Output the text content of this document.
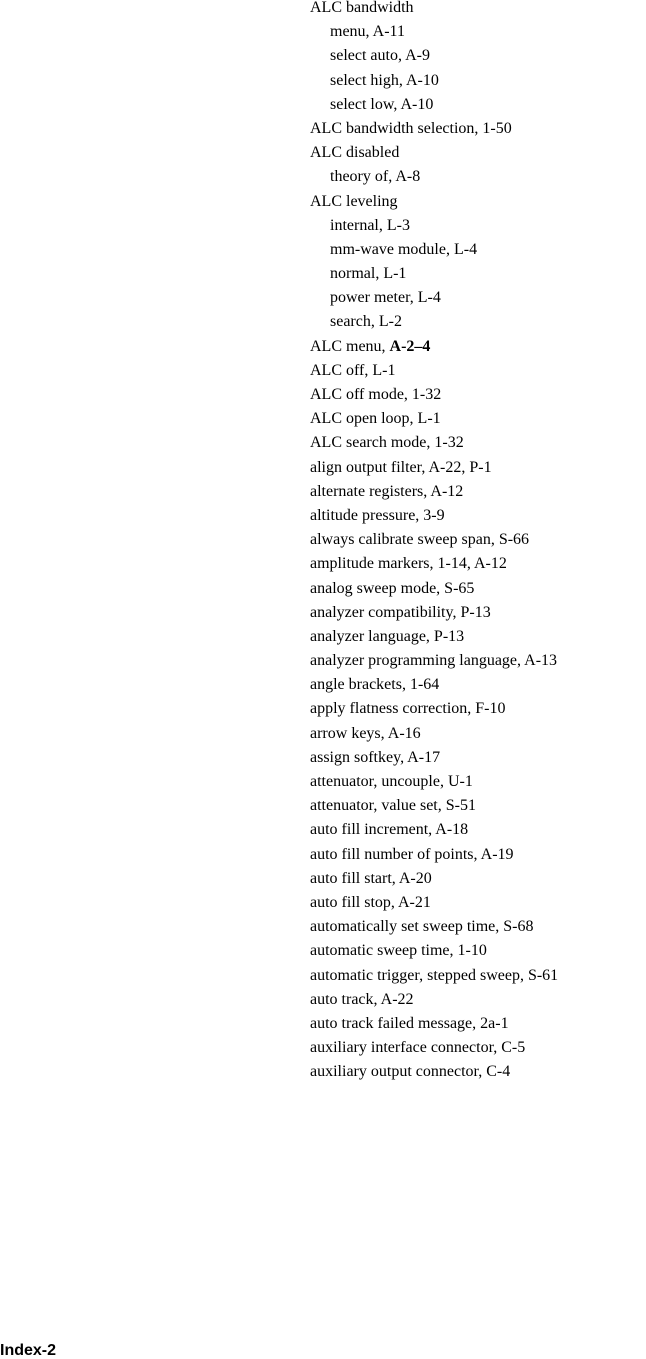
ALC bandwidth
menu, A-11
select auto, A-9
select high, A-10
select low, A-10
ALC bandwidth selection, 1-50
ALC disabled
theory of, A-8
ALC leveling
internal, L-3
mm-wave module, L-4
normal, L-1
power meter, L-4
search, L-2
ALC menu, A-2–4
ALC off, L-1
ALC off mode, 1-32
ALC open loop, L-1
ALC search mode, 1-32
align output filter, A-22, P-1
alternate registers, A-12
altitude pressure, 3-9
always calibrate sweep span, S-66
amplitude markers, 1-14, A-12
analog sweep mode, S-65
analyzer compatibility, P-13
analyzer language, P-13
analyzer programming language, A-13
angle brackets, 1-64
apply flatness correction, F-10
arrow keys, A-16
assign softkey, A-17
attenuator, uncouple, U-1
attenuator, value set, S-51
auto fill increment, A-18
auto fill number of points, A-19
auto fill start, A-20
auto fill stop, A-21
automatically set sweep time, S-68
automatic sweep time, 1-10
automatic trigger, stepped sweep, S-61
auto track, A-22
auto track failed message, 2a-1
auxiliary interface connector, C-5
auxiliary output connector, C-4
Index-2
